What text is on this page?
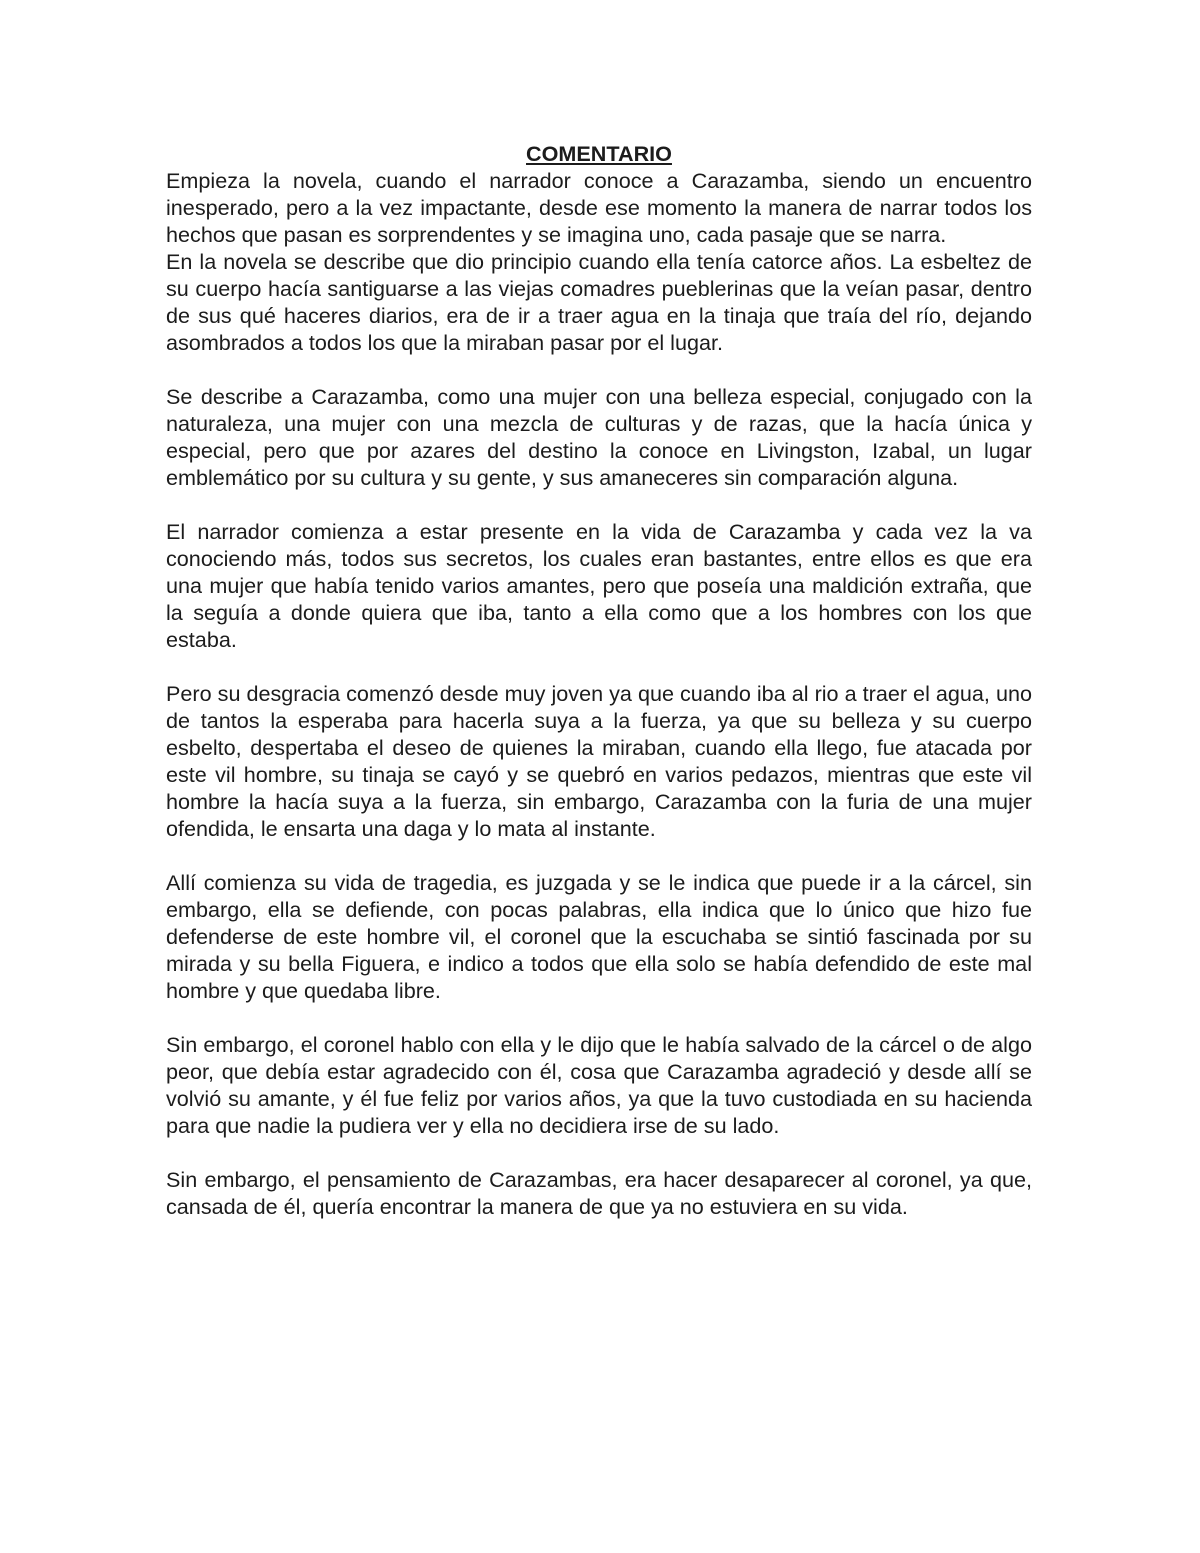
COMENTARIO

Empieza la novela, cuando el narrador conoce a Carazamba, siendo un encuentro inesperado, pero a la vez impactante, desde ese momento la manera de narrar todos los hechos que pasan es sorprendentes y se imagina uno, cada pasaje que se narra.

En la novela se describe que dio principio cuando ella tenía catorce años. La esbeltez de su cuerpo hacía santiguarse a las viejas comadres pueblerinas que la veían pasar, dentro de sus qué haceres diarios, era de ir a traer agua en la tinaja que traía del río, dejando asombrados a todos los que la miraban pasar por el lugar.

Se describe a Carazamba, como una mujer con una belleza especial, conjugado con la naturaleza, una mujer con una mezcla de culturas y de razas, que la hacía única y especial, pero que por azares del destino la conoce en Livingston, Izabal, un lugar emblemático por su cultura y su gente, y sus amaneceres sin comparación alguna.

El narrador comienza a estar presente en la vida de Carazamba y cada vez la va conociendo más, todos sus secretos, los cuales eran bastantes, entre ellos es que era una mujer que había tenido varios amantes, pero que poseía una maldición extraña, que la seguía a donde quiera que iba, tanto a ella como que a los hombres con los que estaba.

Pero su desgracia comenzó desde muy joven ya que cuando iba al rio a traer el agua, uno de tantos la esperaba para hacerla suya a la fuerza, ya que su belleza y su cuerpo esbelto, despertaba el deseo de quienes la miraban, cuando ella llego, fue atacada por este vil hombre, su tinaja se cayó y se quebró en varios pedazos, mientras que este vil hombre la hacía suya a la fuerza, sin embargo, Carazamba con la furia de una mujer ofendida, le ensarta una daga y lo mata al instante.

Allí comienza su vida de tragedia, es juzgada y se le indica que puede ir a la cárcel, sin embargo, ella se defiende, con pocas palabras, ella indica que lo único que hizo fue defenderse de este hombre vil, el coronel que la escuchaba se sintió fascinada por su mirada y su bella Figuera, e indico a todos que ella solo se había defendido de este mal hombre y que quedaba libre.

Sin embargo, el coronel hablo con ella y le dijo que le había salvado de la cárcel o de algo peor, que debía estar agradecido con él, cosa que Carazamba agradeció y desde allí se volvió su amante, y él fue feliz por varios años, ya que la tuvo custodiada en su hacienda para que nadie la pudiera ver y ella no decidiera irse de su lado.

Sin embargo, el pensamiento de Carazambas, era hacer desaparecer al coronel, ya que, cansada de él, quería encontrar la manera de que ya no estuviera en su vida.
